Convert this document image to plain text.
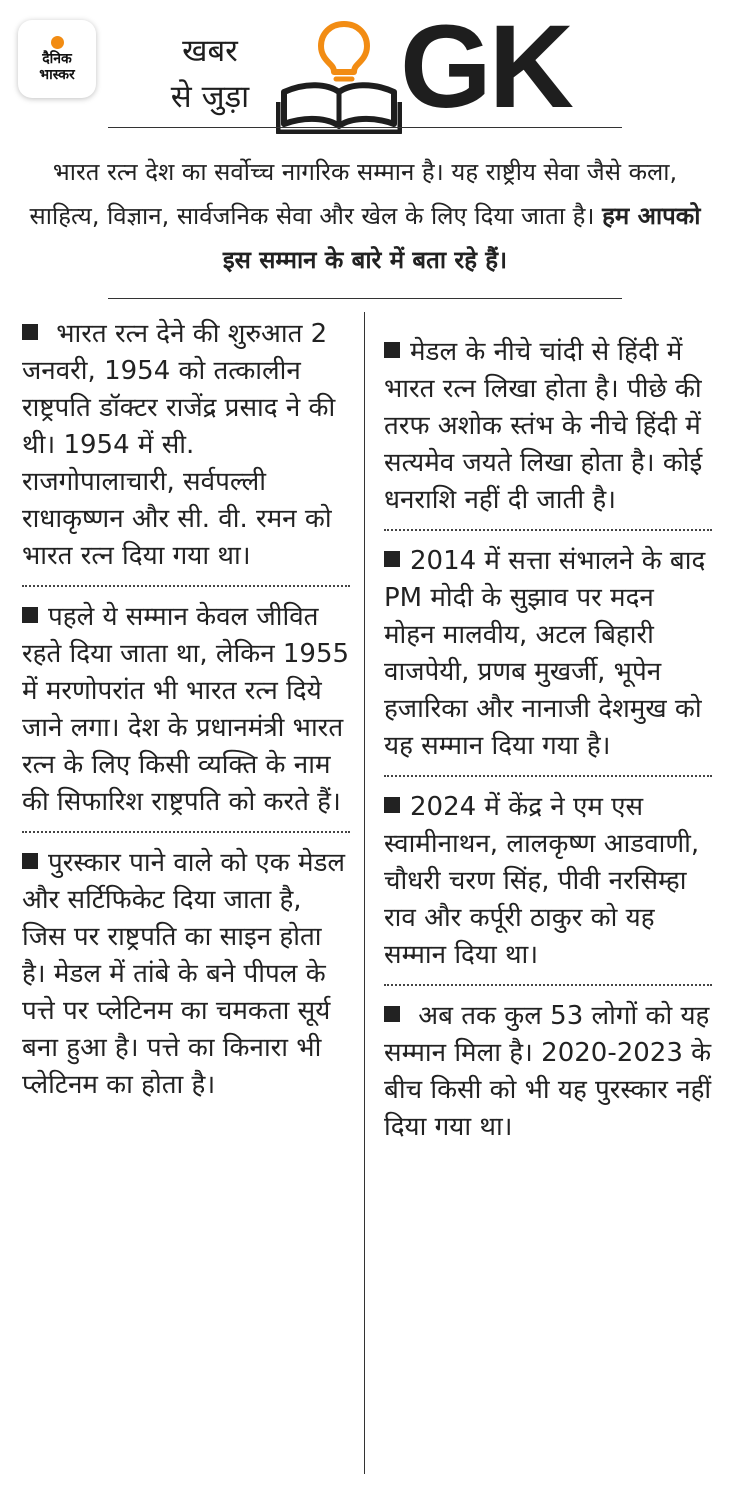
दैनिक
भास्कर
खबर
से जुड़ा GK
भारत रत्न देश का सर्वोच्च नागरिक सम्मान है। यह राष्ट्रीय सेवा जैसे कला, साहित्य, विज्ञान, सार्वजनिक सेवा और खेल के लिए दिया जाता है। हम आपको इस सम्मान के बारे में बता रहे हैं।
भारत रत्न देने की शुरुआत 2 जनवरी, 1954 को तत्कालीन राष्ट्रपति डॉक्टर राजेंद्र प्रसाद ने की थी। 1954 में सी. राजगोपालाचारी, सर्वपल्ली राधाकृष्णन और सी. वी. रमन को भारत रत्न दिया गया था।
पहले ये सम्मान केवल जीवित रहते दिया जाता था, लेकिन 1955 में मरणोपरांत भी भारत रत्न दिये जाने लगा। देश के प्रधानमंत्री भारत रत्न के लिए किसी व्यक्ति के नाम की सिफारिश राष्ट्रपति को करते हैं।
पुरस्कार पाने वाले को एक मेडल और सर्टिफिकेट दिया जाता है, जिस पर राष्ट्रपति का साइन होता है। मेडल में तांबे के बने पीपल के पत्ते पर प्लेटिनम का चमकता सूर्य बना हुआ है। पत्ते का किनारा भी प्लेटिनम का होता है।
मेडल के नीचे चांदी से हिंदी में भारत रत्न लिखा होता है। पीछे की तरफ अशोक स्तंभ के नीचे हिंदी में सत्यमेव जयते लिखा होता है। कोई धनराशि नहीं दी जाती है।
2014 में सत्ता संभालने के बाद PM मोदी के सुझाव पर मदन मोहन मालवीय, अटल बिहारी वाजपेयी, प्रणब मुखर्जी, भूपेन हजारिका और नानाजी देशमुख को यह सम्मान दिया गया है।
2024 में केंद्र ने एम एस स्वामीनाथन, लालकृष्ण आडवाणी, चौधरी चरण सिंह, पीवी नरसिम्हा राव और कर्पूरी ठाकुर को यह सम्मान दिया था।
अब तक कुल 53 लोगों को यह सम्मान मिला है। 2020-2023 के बीच किसी को भी यह पुरस्कार नहीं दिया गया था।
